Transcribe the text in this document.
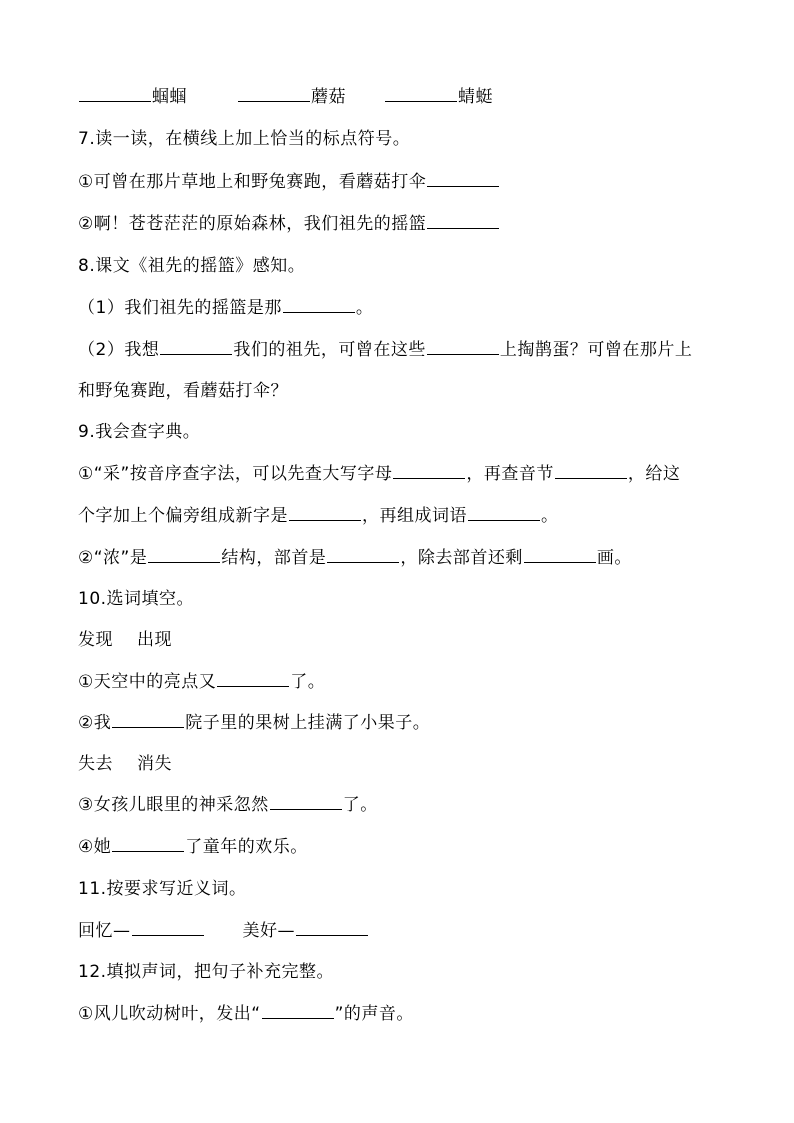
蝈蝈	蘑菇	蜻蜓
7.读一读，在横线上加上恰当的标点符号。
①可曾在那片草地上和野兔赛跑，看蘑菇打伞
②啊！苍苍茫茫的原始森林，我们祖先的摇篮
8.课文《祖先的摇篮》感知。
（1）我们祖先的摇篮是那	。
（2）我想	我们的祖先，可曾在这些	上掏鹊蛋？可曾在那片上
和野兔赛跑，看蘑菇打伞？
9.我会查字典。
①“采”按音序查字法，可以先查大写字母	，再查音节	，给这
个字加上个偏旁组成新字是	，再组成词语	。
②“浓”是	结构，部首是	，除去部首还剩	画。
10.选词填空。
发现 出现
①天空中的亮点又	了。
②我	院子里的果树上挂满了小果子。
失去 消失
③女孩儿眼里的神采忽然	了。
④她	了童年的欢乐。
11.按要求写近义词。
回忆—	美好—
12.填拟声词，把句子补充完整。
①风儿吹动树叶，发出“	”的声音。
